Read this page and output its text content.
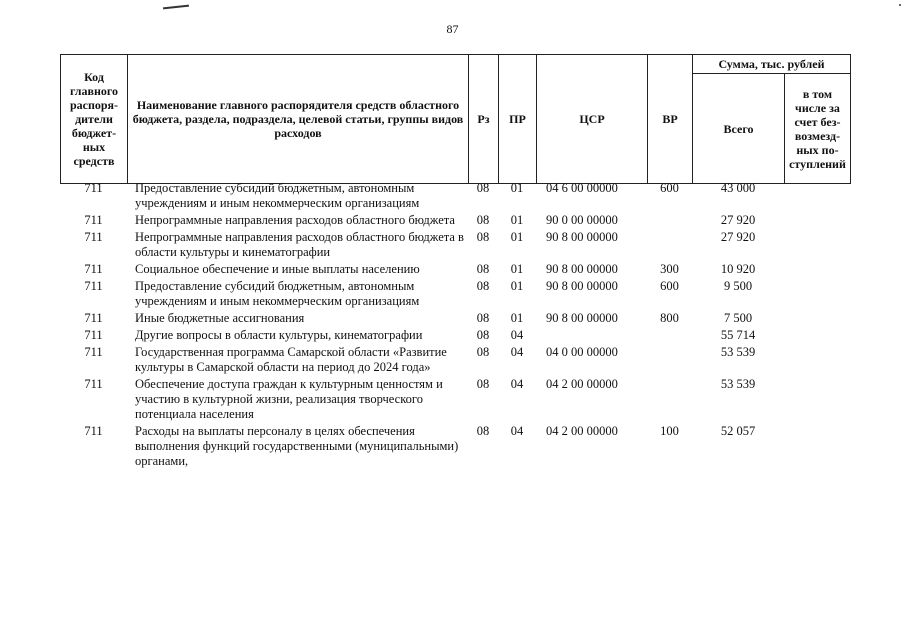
87
Код главного распоря-дители бюджет-ных средств	Наименование главного распорядителя средств областного бюджета, раздела, подраздела, целевой статьи, группы видов расходов	Рз	ПР	ЦСР	ВР	Сумма, тыс. рублей	
						Всего	в том числе за счет без-возмезд-ных по-ступлений
711	Предоставление субсидий бюджетным, автономным учреждениям и иным некоммерческим организациям	08	01	04 6 00 00000	600	43 000	
711	Непрограммные направления расходов областного бюджета	08	01	90 0 00 00000		27 920	
711	Непрограммные направления расходов областного бюджета в области культуры и кинематографии	08	01	90 8 00 00000		27 920	
711	Социальное обеспечение и иные выплаты населению	08	01	90 8 00 00000	300	10 920	
711	Предоставление субсидий бюджетным, автономным учреждениям и иным некоммерческим организациям	08	01	90 8 00 00000	600	9 500	
711	Иные бюджетные ассигнования	08	01	90 8 00 00000	800	7 500	
711	Другие вопросы в области культуры, кинематографии	08	04			55 714	
711	Государственная программа Самарской области «Развитие культуры в Самарской области на период до 2024 года»	08	04	04 0 00 00000		53 539	
711	Обеспечение доступа граждан к культурным ценностям и участию в культурной жизни, реализация творческого потенциала населения	08	04	04 2 00 00000		53 539	
711	Расходы на выплаты персоналу в целях обеспечения выполнения функций государственными (муниципальными) органами,	08	04	04 2 00 00000	100	52 057	
